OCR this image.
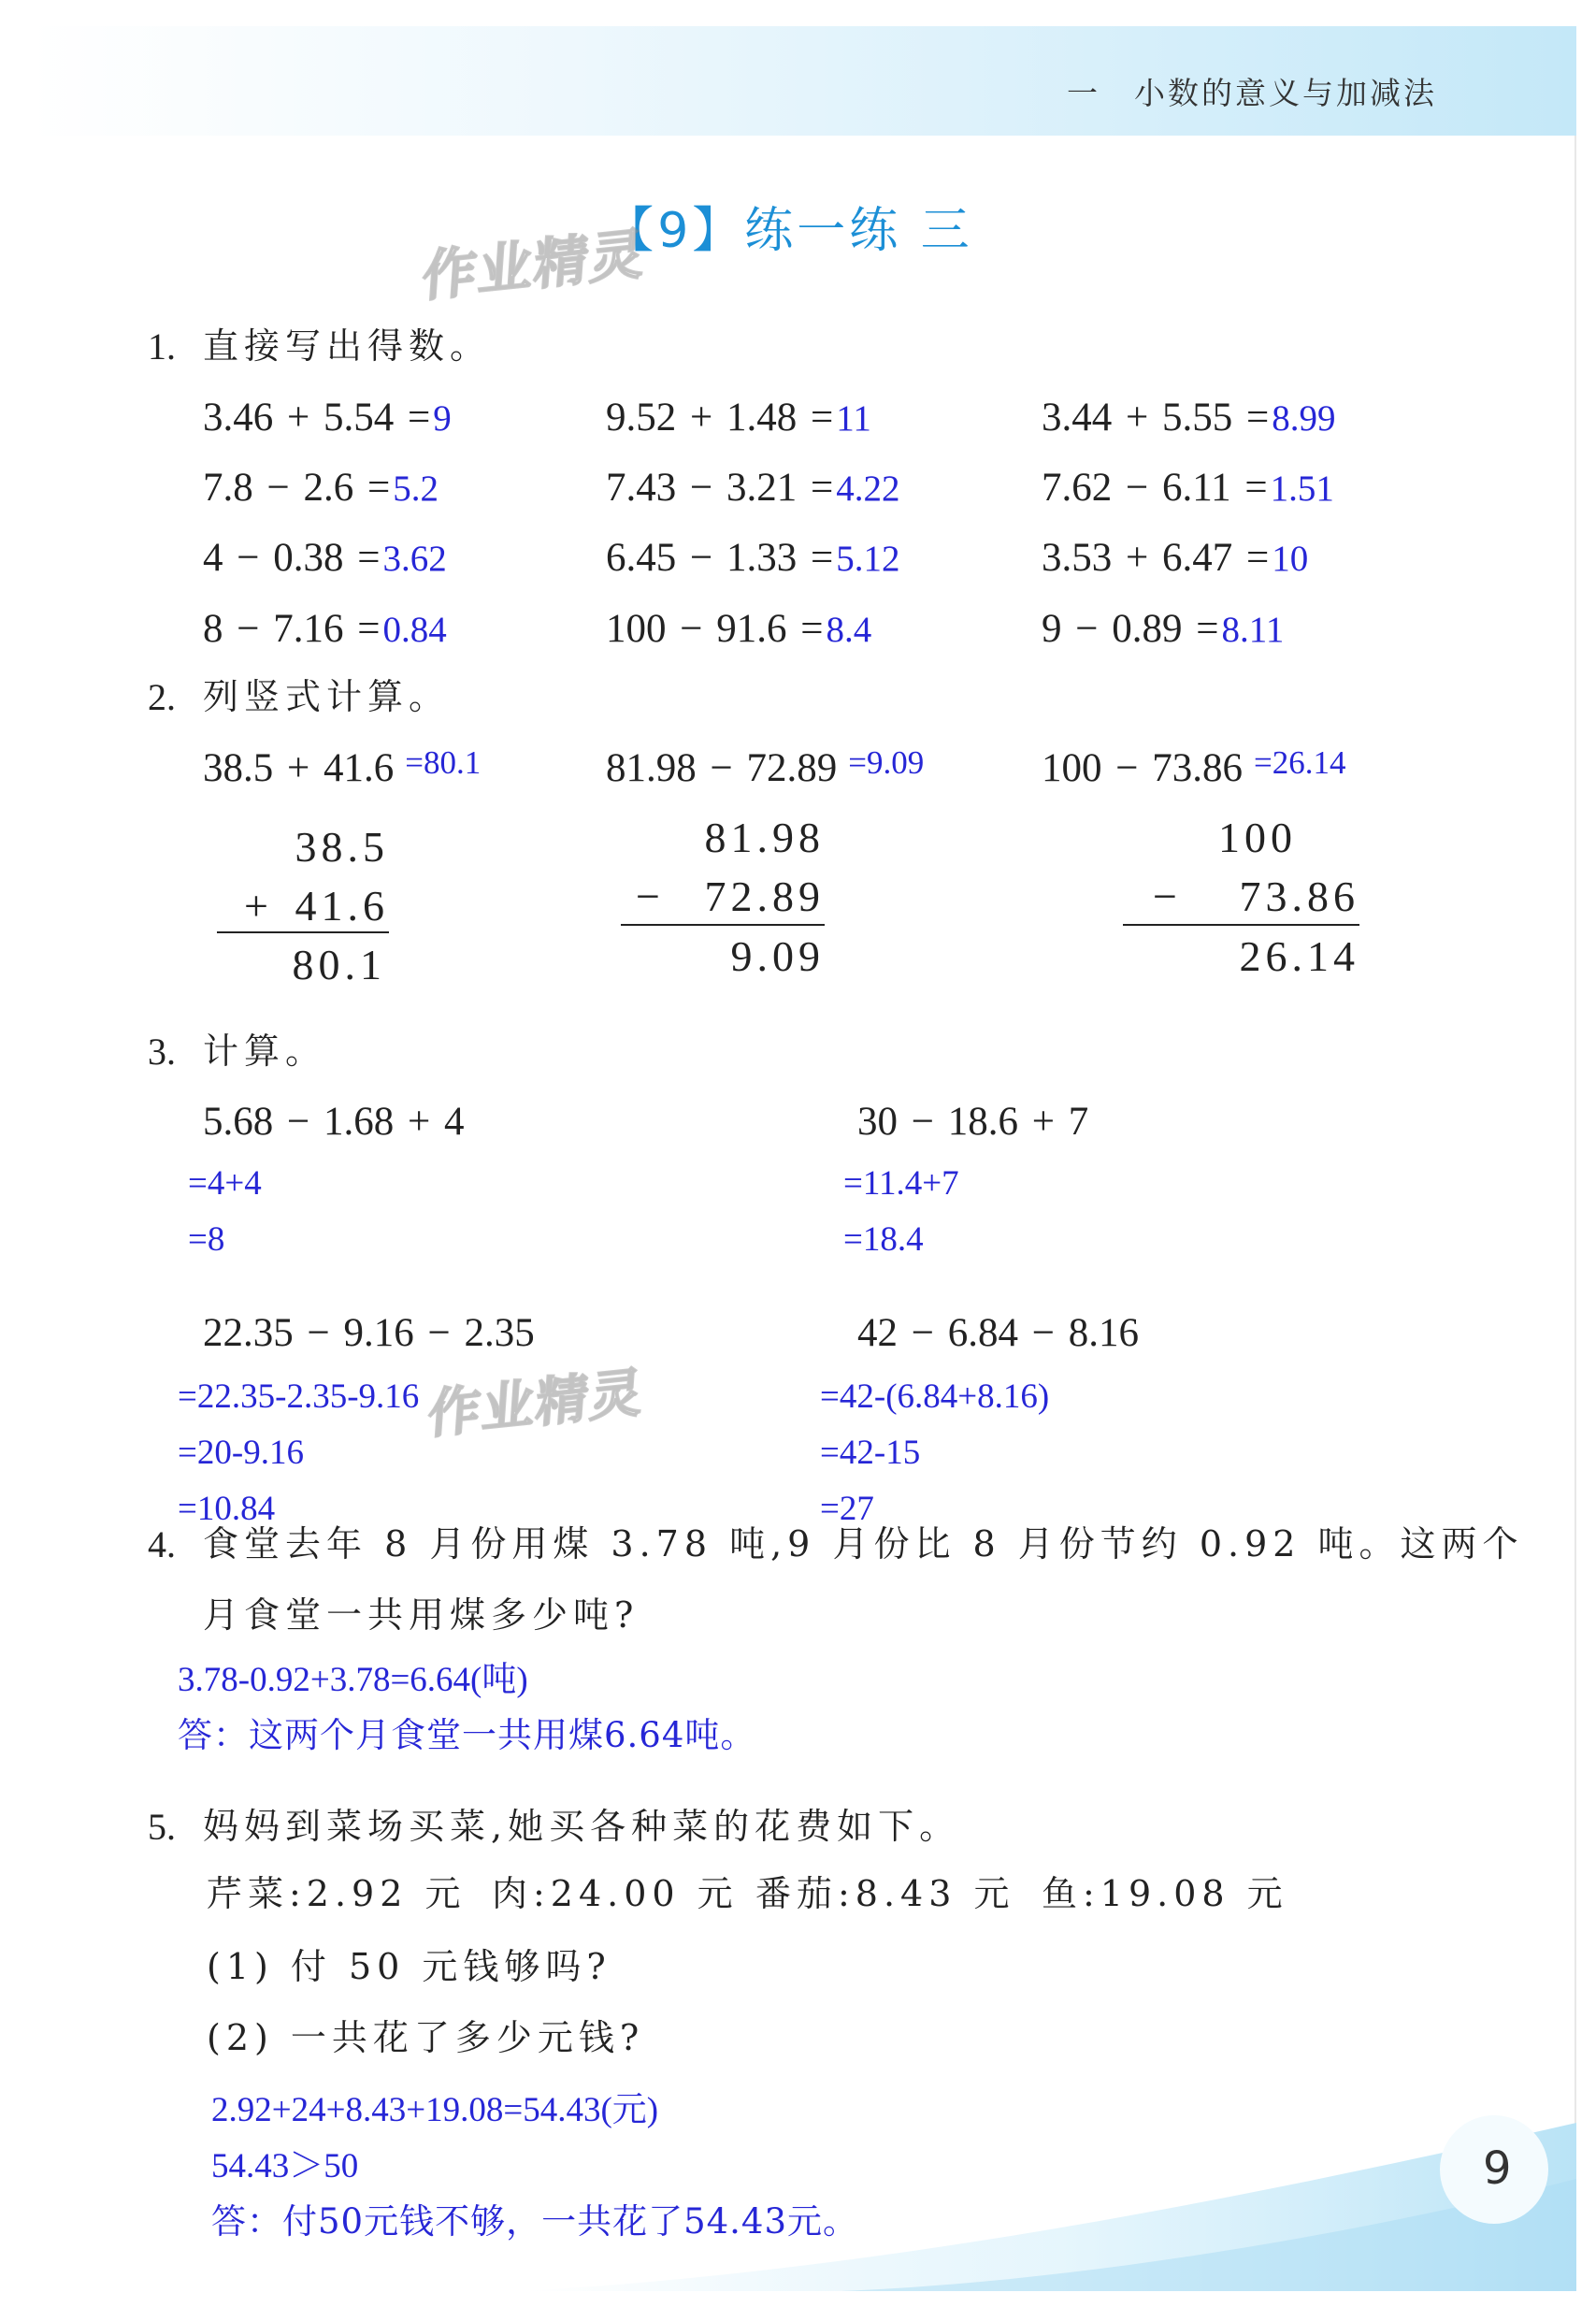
一　小数的意义与加减法
【9】练一练 三
作业精灵
作业精灵
1. 直接写出得数。
3.46 + 5.54 =9	9.52 + 1.48 =11	3.44 + 5.55 =8.99
7.8 − 2.6 =5.2	7.43 − 3.21 =4.22	7.62 − 6.11 =1.51
4 − 0.38 =3.62	6.45 − 1.33 =5.12	3.53 + 6.47 =10
8 − 7.16 =0.84	100 − 91.6 =8.4	9 − 0.89 =8.11
2. 列竖式计算。
38.5 + 41.6 =80.1	81.98 − 72.89 =9.09	100 − 73.86 =26.14
38.5
+ 41.6
80.1
81.98
− 72.89
9.09
100
− 73.86
26.14
3. 计算。
5.68 − 1.68 + 4
=4+4
=8
30 − 18.6 + 7
=11.4+7
=18.4
22.35 − 9.16 − 2.35
=22.35-2.35-9.16
=20-9.16
=10.84
42 − 6.84 − 8.16
=42-(6.84+8.16)
=42-15
=27
4. 食堂去年 8 月份用煤 3.78 吨,9 月份比 8 月份节约 0.92 吨。这两个
月食堂一共用煤多少吨?
3.78-0.92+3.78=6.64(吨)
答：这两个月食堂一共用煤6.64吨。
5. 妈妈到菜场买菜,她买各种菜的花费如下。
芹菜:2.92 元 肉:24.00 元 番茄:8.43 元 鱼:19.08 元
(1) 付 50 元钱够吗?
(2) 一共花了多少元钱?
2.92+24+8.43+19.08=54.43(元)
54.43＞50
答：付50元钱不够，一共花了54.43元。
9
